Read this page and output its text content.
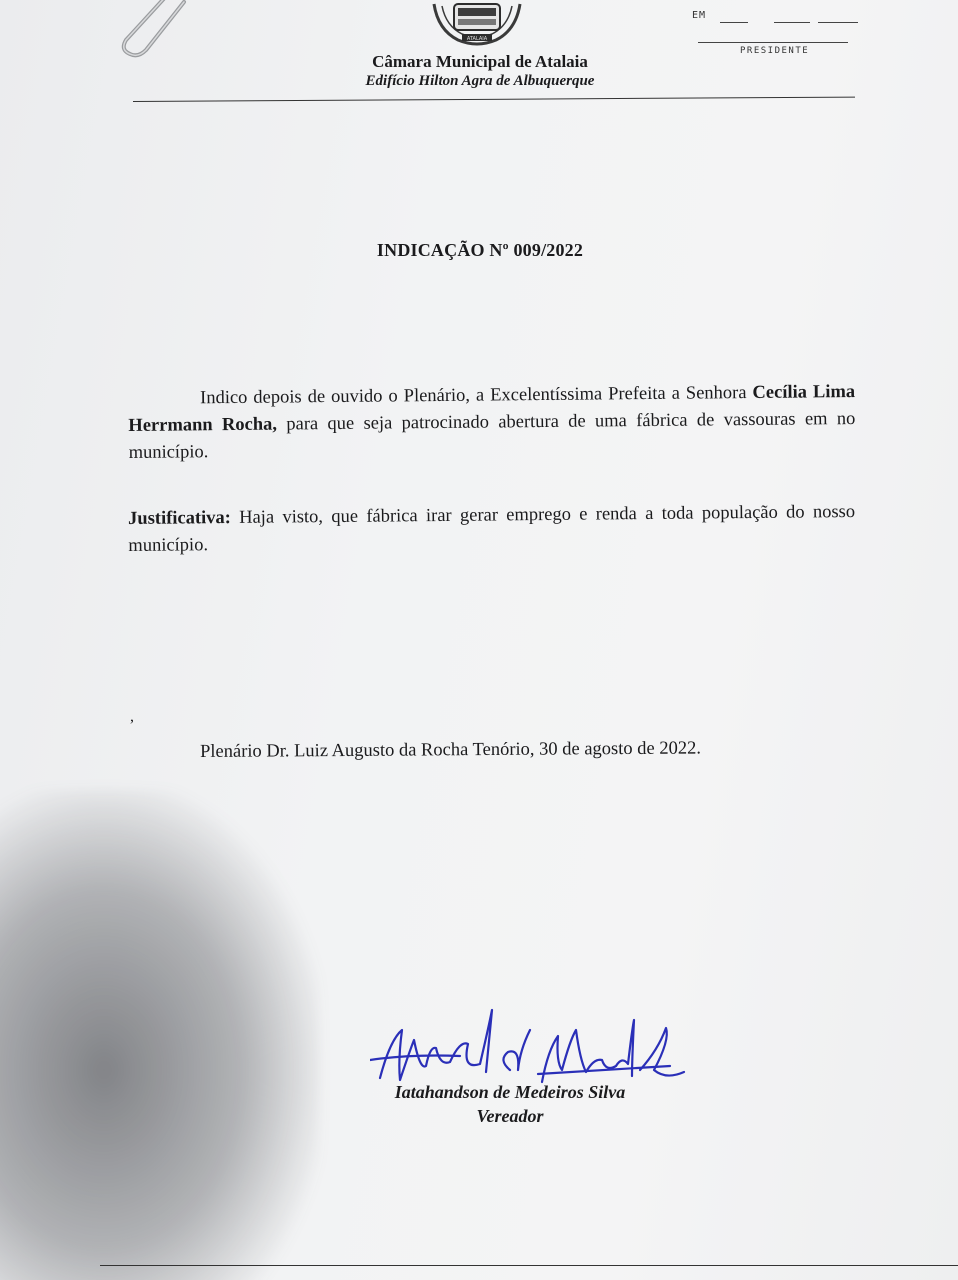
ATALAIA
Câmara Municipal de Atalaia
Edifício Hilton Agra de Albuquerque
EM
PRESIDENTE
INDICAÇÃO Nº 009/2022
Indico depois de ouvido o Plenário, a Excelentíssima Prefeita a Senhora Cecília Lima Herrmann Rocha, para que seja patrocinado abertura de uma fábrica de vassouras em no município.
Justificativa: Haja visto, que fábrica irar gerar emprego e renda a toda população do nosso município.
,
Plenário Dr. Luiz Augusto da Rocha Tenório, 30 de agosto de 2022.
Iatahandson de Medeiros Silva
Vereador
